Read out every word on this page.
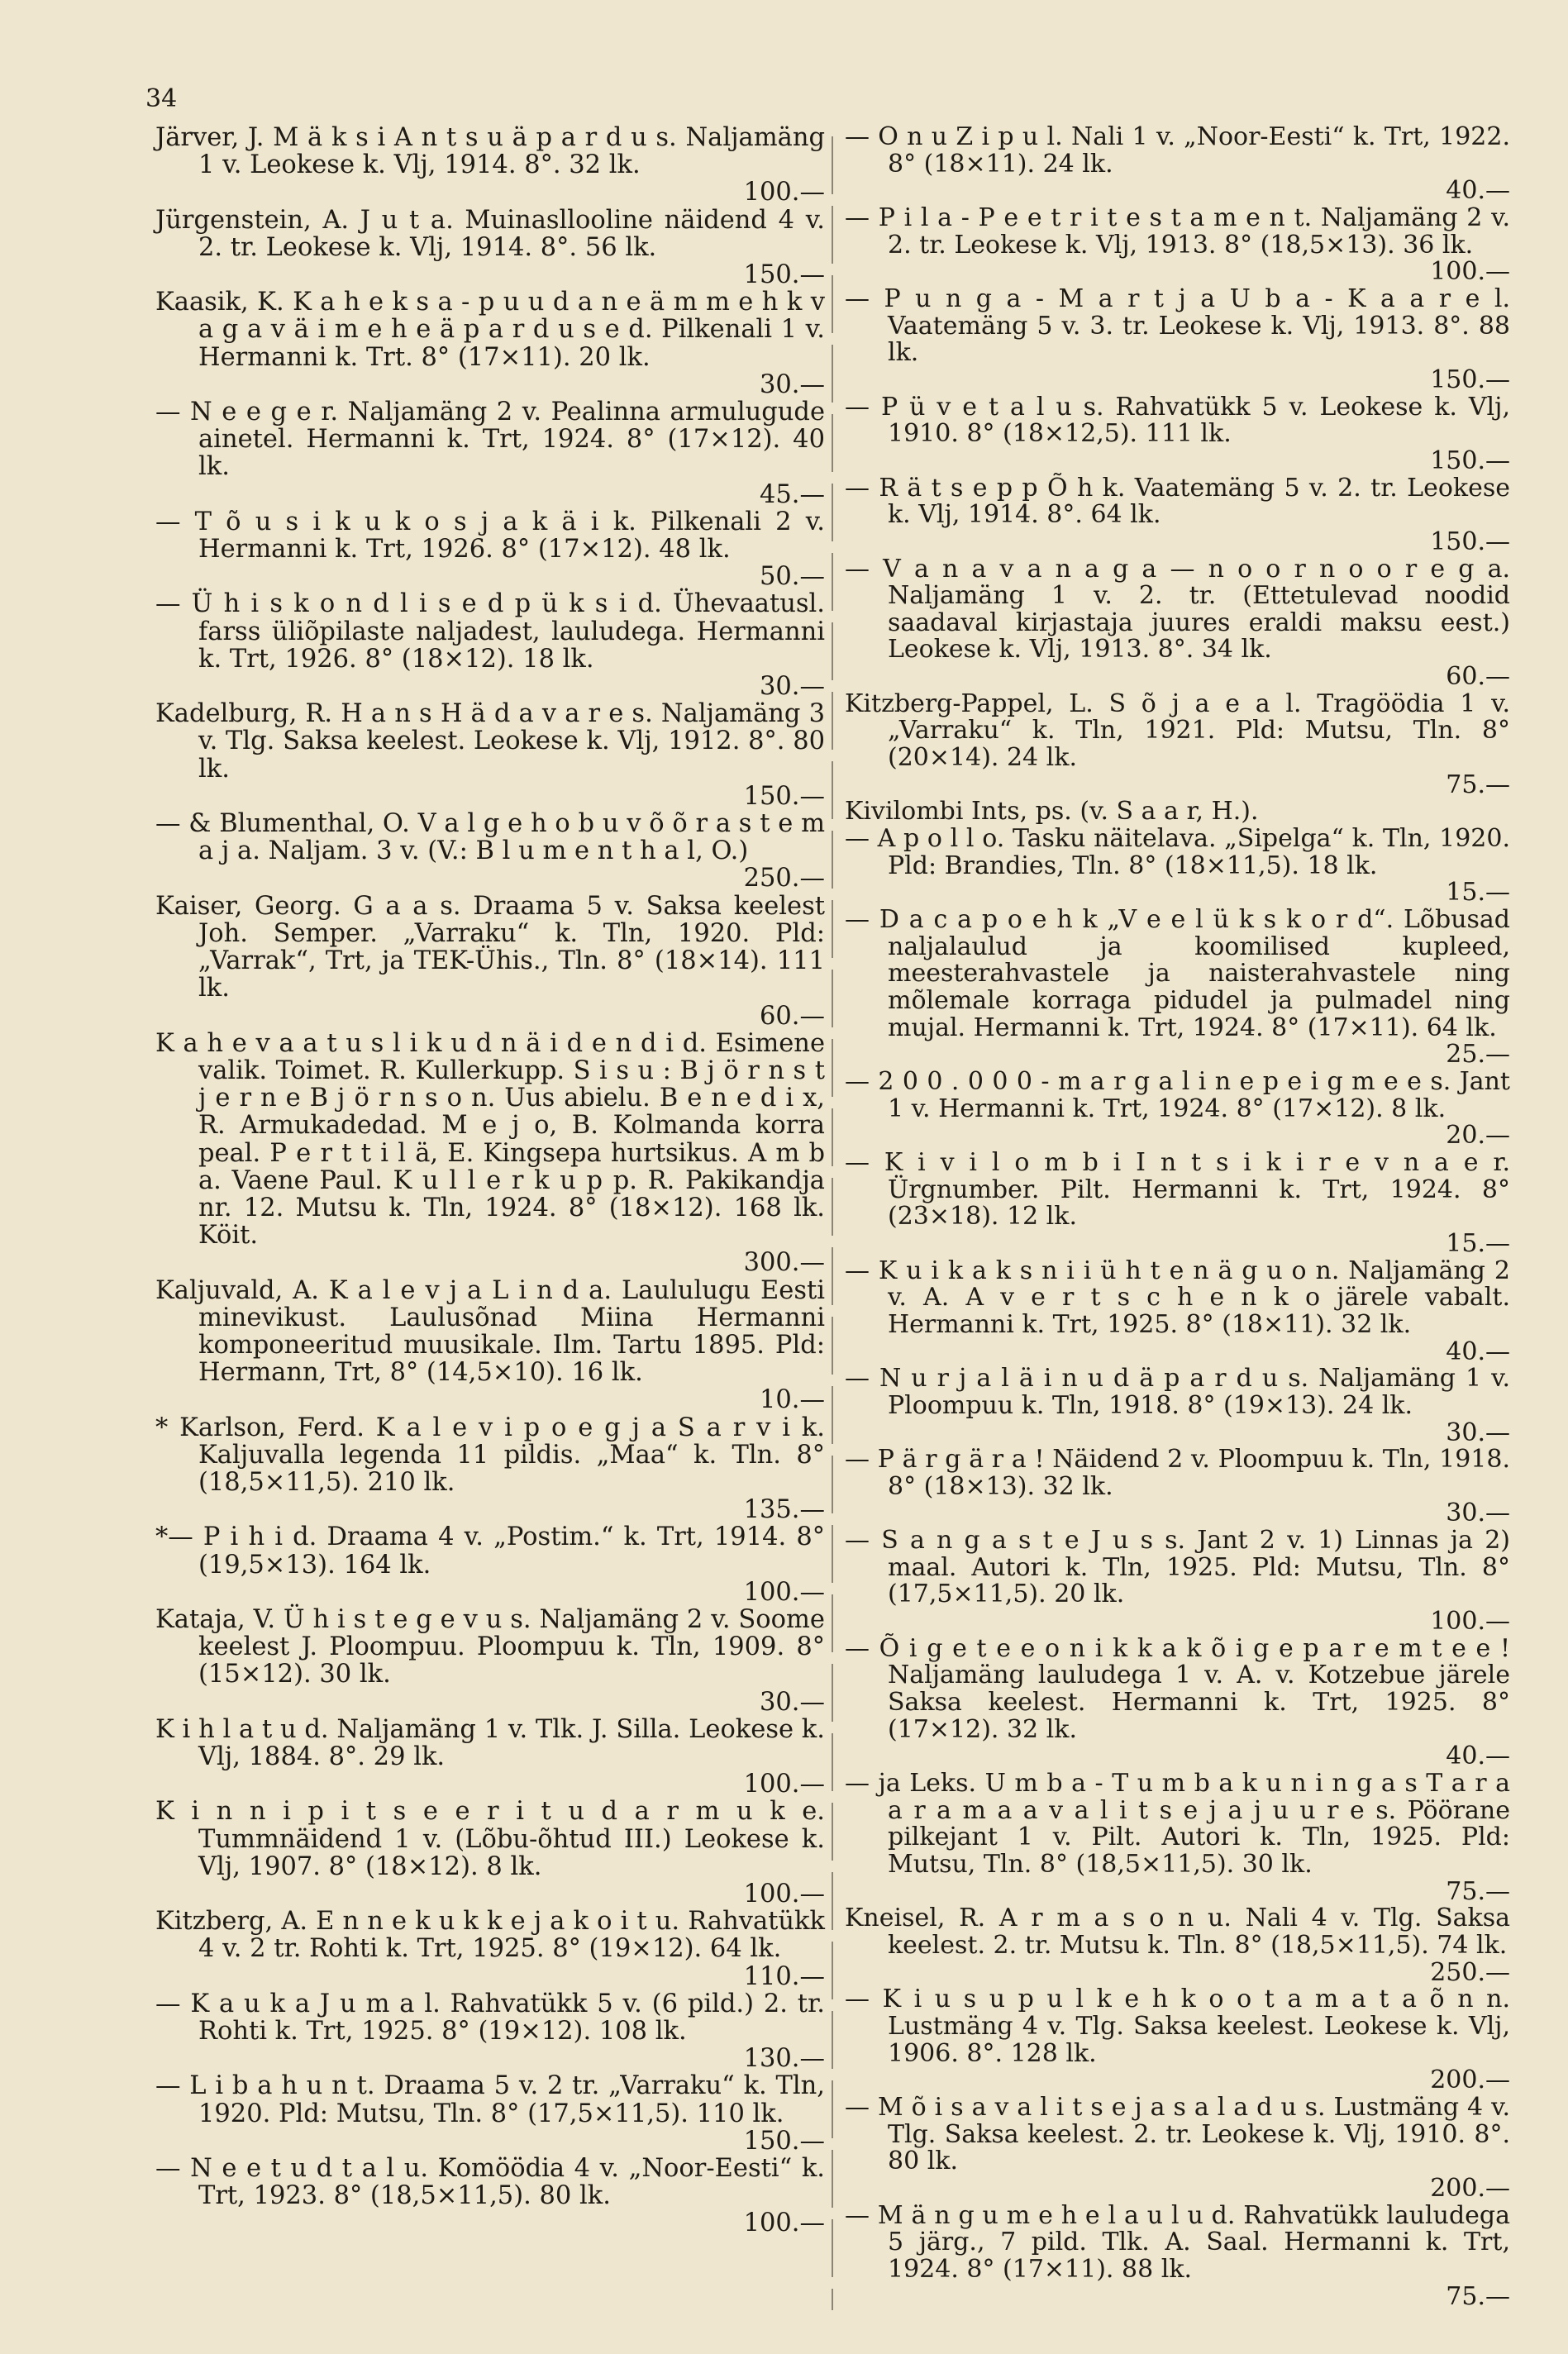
34

Järver, J. M ä k s i A n t s u ä p a r d u s. Naljamäng 1 v. Leokese k. Vlj, 1914. 8°. 32 lk.

100.—

Jürgenstein, A. J u t a. Muinasllooline näidend 4 v. 2. tr. Leokese k. Vlj, 1914. 8°. 56 lk.

150.—

Kaasik, K. K a h e k s a - p u u d a n e ä m m e h k v a g a v ä i m e h e ä p a r d u s e d. Pilkenali 1 v. Hermanni k. Trt. 8° (17×11). 20 lk.

30.—

— N e e g e r. Naljamäng 2 v. Pealinna armulugude ainetel. Hermanni k. Trt, 1924. 8° (17×12). 40 lk.

45.—

— T õ u s i k u k o s j a k ä i k. Pilkenali 2 v. Hermanni k. Trt, 1926. 8° (17×12). 48 lk.

50.—

— Ü h i s k o n d l i s e d p ü k s i d. Ühevaatusl. farss üliõpilaste naljadest, lauludega. Hermanni k. Trt, 1926. 8° (18×12). 18 lk.

30.—

Kadelburg, R. H a n s H ä d a v a r e s. Naljamäng 3 v. Tlg. Saksa keelest. Leokese k. Vlj, 1912. 8°. 80 lk.

150.—

— & Blumenthal, O. V a l g e h o b u v õ õ r a s t e m a j a. Naljam. 3 v. (V.: B l u m e n t h a l, O.)

250.—

Kaiser, Georg. G a a s. Draama 5 v. Saksa keelest Joh. Semper. „Varraku“ k. Tln, 1920. Pld: „Varrak“, Trt, ja TEK-Ühis., Tln. 8° (18×14). 111 lk.

60.—

K a h e v a a t u s l i k u d n ä i d e n d i d. Esimene valik. Toimet. R. Kullerkupp. S i s u : B j ö r n s t j e r n e B j ö r n s o n. Uus abielu. B e n e d i x, R. Armukadedad. M e j o, B. Kolmanda korra peal. P e r t t i l ä, E. Kingsepa hurtsikus. A m b a. Vaene Paul. K u l l e r k u p p. R. Pakikandja nr. 12. Mutsu k. Tln, 1924. 8° (18×12). 168 lk. Köit.

300.—

Kaljuvald, A. K a l e v j a L i n d a. Laululugu Eesti minevikust. Laulusõnad Miina Hermanni komponeeritud muusikale. Ilm. Tartu 1895. Pld: Hermann, Trt, 8° (14,5×10). 16 lk.

10.—

* Karlson, Ferd. K a l e v i p o e g j a S a r v i k. Kaljuvalla legenda 11 pildis. „Maa“ k. Tln. 8° (18,5×11,5). 210 lk.

135.—

*— P i h i d. Draama 4 v. „Postim.“ k. Trt, 1914. 8° (19,5×13). 164 lk.

100.—

Kataja, V. Ü h i s t e g e v u s. Naljamäng 2 v. Soome keelest J. Ploompuu. Ploompuu k. Tln, 1909. 8° (15×12). 30 lk.

30.—

K i h l a t u d. Naljamäng 1 v. Tlk. J. Silla. Leokese k. Vlj, 1884. 8°. 29 lk.

100.—

K i n n i p i t s e e r i t u d a r m u k e. Tummnäidend 1 v. (Lõbu-õhtud III.) Leokese k. Vlj, 1907. 8° (18×12). 8 lk.

100.—

Kitzberg, A. E n n e k u k k e j a k o i t u. Rahvatükk 4 v. 2 tr. Rohti k. Trt, 1925. 8° (19×12). 64 lk.

110.—

— K a u k a J u m a l. Rahvatükk 5 v. (6 pild.) 2. tr. Rohti k. Trt, 1925. 8° (19×12). 108 lk.

130.—

— L i b a h u n t. Draama 5 v. 2 tr. „Varraku“ k. Tln, 1920. Pld: Mutsu, Tln. 8° (17,5×11,5). 110 lk.

150.—

— N e e t u d t a l u. Komöödia 4 v. „Noor-Eesti“ k. Trt, 1923. 8° (18,5×11,5). 80 lk.

100.—

— O n u Z i p u l. Nali 1 v. „Noor-Eesti“ k. Trt, 1922. 8° (18×11). 24 lk.

40.—

— P i l a - P e e t r i t e s t a m e n t. Naljamäng 2 v. 2. tr. Leokese k. Vlj, 1913. 8° (18,5×13). 36 lk.

100.—

— P u n g a - M a r t j a U b a - K a a r e l. Vaatemäng 5 v. 3. tr. Leokese k. Vlj, 1913. 8°. 88 lk.

150.—

— P ü v e t a l u s. Rahvatükk 5 v. Leokese k. Vlj, 1910. 8° (18×12,5). 111 lk.

150.—

— R ä t s e p p Õ h k. Vaatemäng 5 v. 2. tr. Leokese k. Vlj, 1914. 8°. 64 lk.

150.—

— V a n a v a n a g a — n o o r n o o r e g a. Naljamäng 1 v. 2. tr. (Ettetulevad noodid saadaval kirjastaja juures eraldi maksu eest.) Leokese k. Vlj, 1913. 8°. 34 lk.

60.—

Kitzberg-Pappel, L. S õ j a e a l. Tragöödia 1 v. „Varraku“ k. Tln, 1921. Pld: Mutsu, Tln. 8° (20×14). 24 lk.

75.—

Kivilombi Ints, ps. (v. S a a r, H.).

— A p o l l o. Tasku näitelava. „Sipelga“ k. Tln, 1920. Pld: Brandies, Tln. 8° (18×11,5). 18 lk.

15.—

— D a c a p o e h k „V e e l ü k s k o r d“. Lõbusad naljalaulud ja koomilised kupleed, meesterahvastele ja naisterahvastele ning mõlemale korraga pidudel ja pulmadel ning mujal. Hermanni k. Trt, 1924. 8° (17×11). 64 lk.

25.—

— 2 0 0 . 0 0 0 - m a r g a l i n e p e i g m e e s. Jant 1 v. Hermanni k. Trt, 1924. 8° (17×12). 8 lk.

20.—

— K i v i l o m b i I n t s i k i r e v n a e r. Ürgnumber. Pilt. Hermanni k. Trt, 1924. 8° (23×18). 12 lk.

15.—

— K u i k a k s n i i ü h t e n ä g u o n. Naljamäng 2 v. A. A v e r t s c h e n k o järele vabalt. Hermanni k. Trt, 1925. 8° (18×11). 32 lk.

40.—

— N u r j a l ä i n u d ä p a r d u s. Naljamäng 1 v. Ploompuu k. Tln, 1918. 8° (19×13). 24 lk.

30.—

— P ä r g ä r a ! Näidend 2 v. Ploompuu k. Tln, 1918. 8° (18×13). 32 lk.

30.—

— S a n g a s t e J u s s. Jant 2 v. 1) Linnas ja 2) maal. Autori k. Tln, 1925. Pld: Mutsu, Tln. 8° (17,5×11,5). 20 lk.

100.—

— Õ i g e t e e o n i k k a k õ i g e p a r e m t e e ! Naljamäng lauludega 1 v. A. v. Kotzebue järele Saksa keelest. Hermanni k. Trt, 1925. 8° (17×12). 32 lk.

40.—

— ja Leks. U m b a - T u m b a k u n i n g a s T a r a a r a m a a v a l i t s e j a j u u r e s. Pöörane pilkejant 1 v. Pilt. Autori k. Tln, 1925. Pld: Mutsu, Tln. 8° (18,5×11,5). 30 lk.

75.—

Kneisel, R. A r m a s o n u. Nali 4 v. Tlg. Saksa keelest. 2. tr. Mutsu k. Tln. 8° (18,5×11,5). 74 lk.

250.—

— K i u s u p u l k e h k o o t a m a t a õ n n. Lustmäng 4 v. Tlg. Saksa keelest. Leokese k. Vlj, 1906. 8°. 128 lk.

200.—

— M õ i s a v a l i t s e j a s a l a d u s. Lustmäng 4 v. Tlg. Saksa keelest. 2. tr. Leokese k. Vlj, 1910. 8°. 80 lk.

200.—

— M ä n g u m e h e l a u l u d. Rahvatükk lauludega 5 järg., 7 pild. Tlk. A. Saal. Hermanni k. Trt, 1924. 8° (17×11). 88 lk.

75.—
